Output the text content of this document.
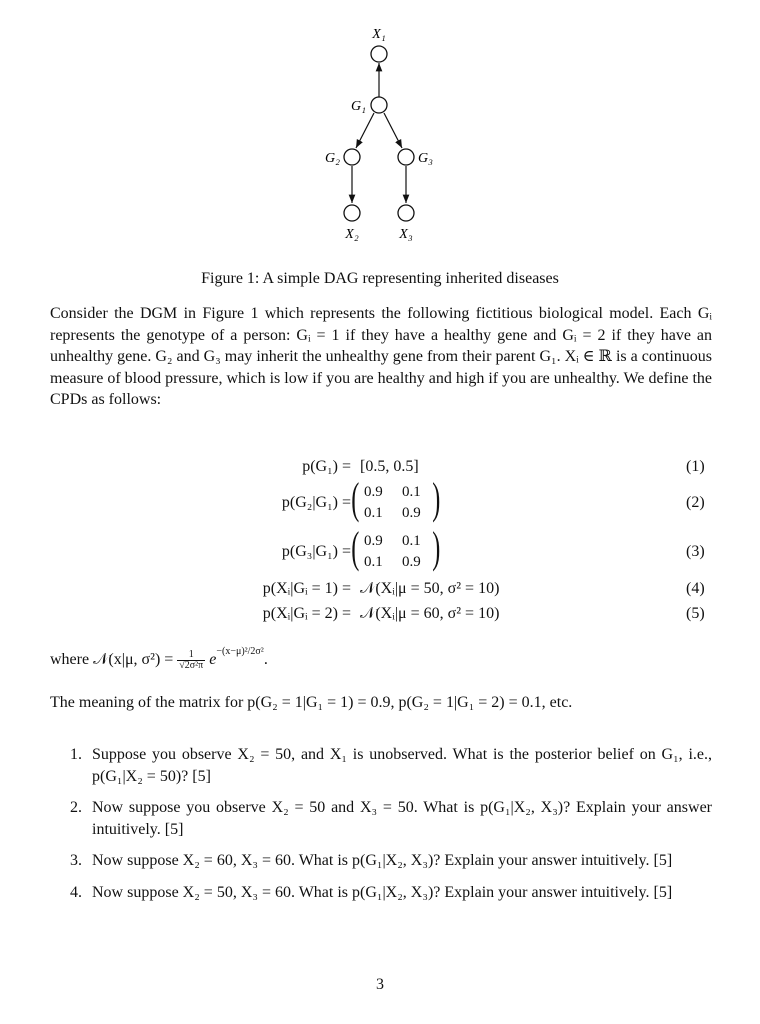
X₁
G₁
G₂	G₃
X₂	X₃
Figure 1: A simple DAG representing inherited diseases
Consider the DGM in Figure 1 which represents the following fictitious biological model. Each Gᵢ represents the genotype of a person: Gᵢ = 1 if they have a healthy gene and Gᵢ = 2 if they have an unhealthy gene. G₂ and G₃ may inherit the unhealthy gene from their parent G₁. Xᵢ ∈ ℝ is a continuous measure of blood pressure, which is low if you are healthy and high if you are unhealthy. We define the CPDs as follows:
p(G₁) = [0.5, 0.5]	(1)
p(G₂|G₁) =	(2)
( 0.9 0.1
0.1 0.9 )
p(G₃|G₁) =	(3)
( 0.9 0.1
0.1 0.9 )
p(Xᵢ|Gᵢ = 1) = 𝒩(Xᵢ|μ = 50, σ² = 10)	(4)
p(Xᵢ|Gᵢ = 2) = 𝒩(Xᵢ|μ = 60, σ² = 10)	(5)
where 𝒩(x|μ, $\sigma^2) = \frac{1}{\text{√2σ²π}} e^{-(x-\mu)^2/2\sigma^2}$.
The meaning of the matrix for p(G₂ = 1|G₁ = 1) = 0.9, p(G₂ = 1|G₁ = 2) = 0.1, etc.
1. Suppose you observe X₂ = 50, and X₁ is unobserved. What is the posterior belief on G₁, i.e., p(G₁|X₂ = 50)? [5]
2. Now suppose you observe X₂ = 50 and X₃ = 50. What is p(G₁|X₂, X₃)? Explain your answer intuitively. [5]
3. Now suppose X₂ = 60, X₃ = 60. What is p(G₁|X₂, X₃)? Explain your answer intuitively. [5]
4. Now suppose X₂ = 50, X₃ = 60. What is p(G₁|X₂, X₃)? Explain your answer intuitively. [5]
3
